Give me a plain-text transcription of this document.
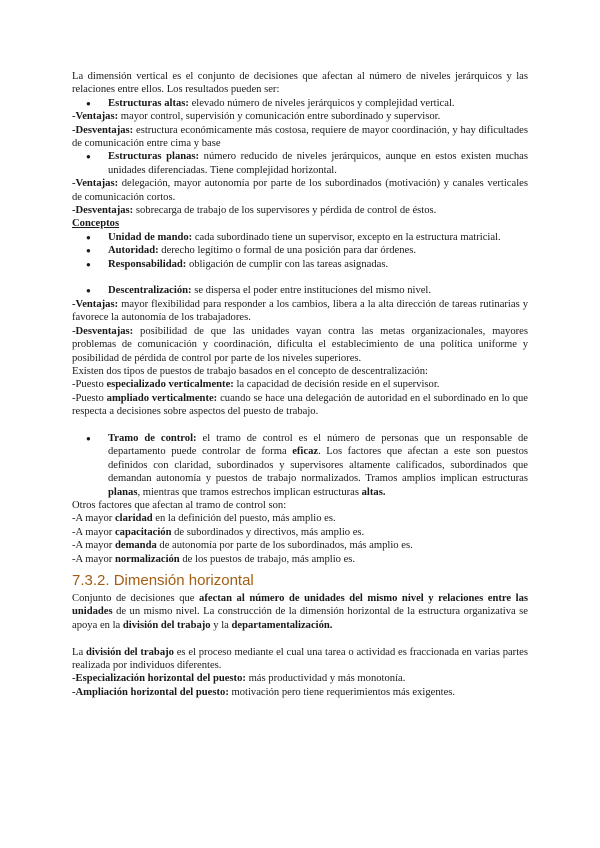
La dimensión vertical es el conjunto de decisiones que afectan al número de niveles jerárquicos y las relaciones entre ellos. Los resultados pueden ser:

●	Estructuras altas: elevado número de niveles jerárquicos y complejidad vertical.

-Ventajas: mayor control, supervisión y comunicación entre subordinado y supervisor.

-Desventajas: estructura económicamente más costosa, requiere de mayor coordinación, y hay dificultades de comunicación entre cima y base

●	Estructuras planas: número reducido de niveles jerárquicos, aunque en estos existen muchas unidades diferenciadas. Tiene complejidad horizontal.

-Ventajas: delegación, mayor autonomía por parte de los subordinados (motivación) y canales verticales de comunicación cortos.

-Desventajas: sobrecarga de trabajo de los supervisores y pérdida de control de éstos.

Conceptos

●	Unidad de mando: cada subordinado tiene un supervisor, excepto en la estructura matricial.
●	Autoridad: derecho legítimo o formal de una posición para dar órdenes.
●	Responsabilidad: obligación de cumplir con las tareas asignadas.
●	Descentralización: se dispersa el poder entre instituciones del mismo nivel.

-Ventajas: mayor flexibilidad para responder a los cambios, libera a la alta dirección de tareas rutinarias y favorece la autonomía de los trabajadores.

-Desventajas: posibilidad de que las unidades vayan contra las metas organizacionales, mayores problemas de comunicación y coordinación, dificulta el establecimiento de una política uniforme y posibilidad de pérdida de control por parte de los niveles superiores.

Existen dos tipos de puestos de trabajo basados en el concepto de descentralización:

-Puesto especializado verticalmente: la capacidad de decisión reside en el supervisor.

-Puesto ampliado verticalmente: cuando se hace una delegación de autoridad en el subordinado en lo que respecta a decisiones sobre aspectos del puesto de trabajo.

●	Tramo de control: el tramo de control es el número de personas que un responsable de departamento puede controlar de forma eficaz. Los factores que afectan a este son puestos definidos con claridad, subordinados y supervisores altamente calificados, subordinados que demandan autonomía y puestos de trabajo normalizados. Tramos amplios implican estructuras planas, mientras que tramos estrechos implican estructuras altas.

Otros factores que afectan al tramo de control son:

-A mayor claridad en la definición del puesto, más amplio es.

-A mayor capacitación de subordinados y directivos, más amplio es.

-A mayor demanda de autonomía por parte de los subordinados, más amplio es.

-A mayor normalización de los puestos de trabajo, más amplio es.

7.3.2. Dimensión horizontal

Conjunto de decisiones que afectan al número de unidades del mismo nivel y relaciones entre las unidades de un mismo nivel. La construcción de la dimensión horizontal de la estructura organizativa se apoya en la división del trabajo y la departamentalización.

La división del trabajo es el proceso mediante el cual una tarea o actividad es fraccionada en varias partes realizada por individuos diferentes.

-Especialización horizontal del puesto: más productividad y más monotonía.

-Ampliación horizontal del puesto: motivación pero tiene requerimientos más exigentes.
